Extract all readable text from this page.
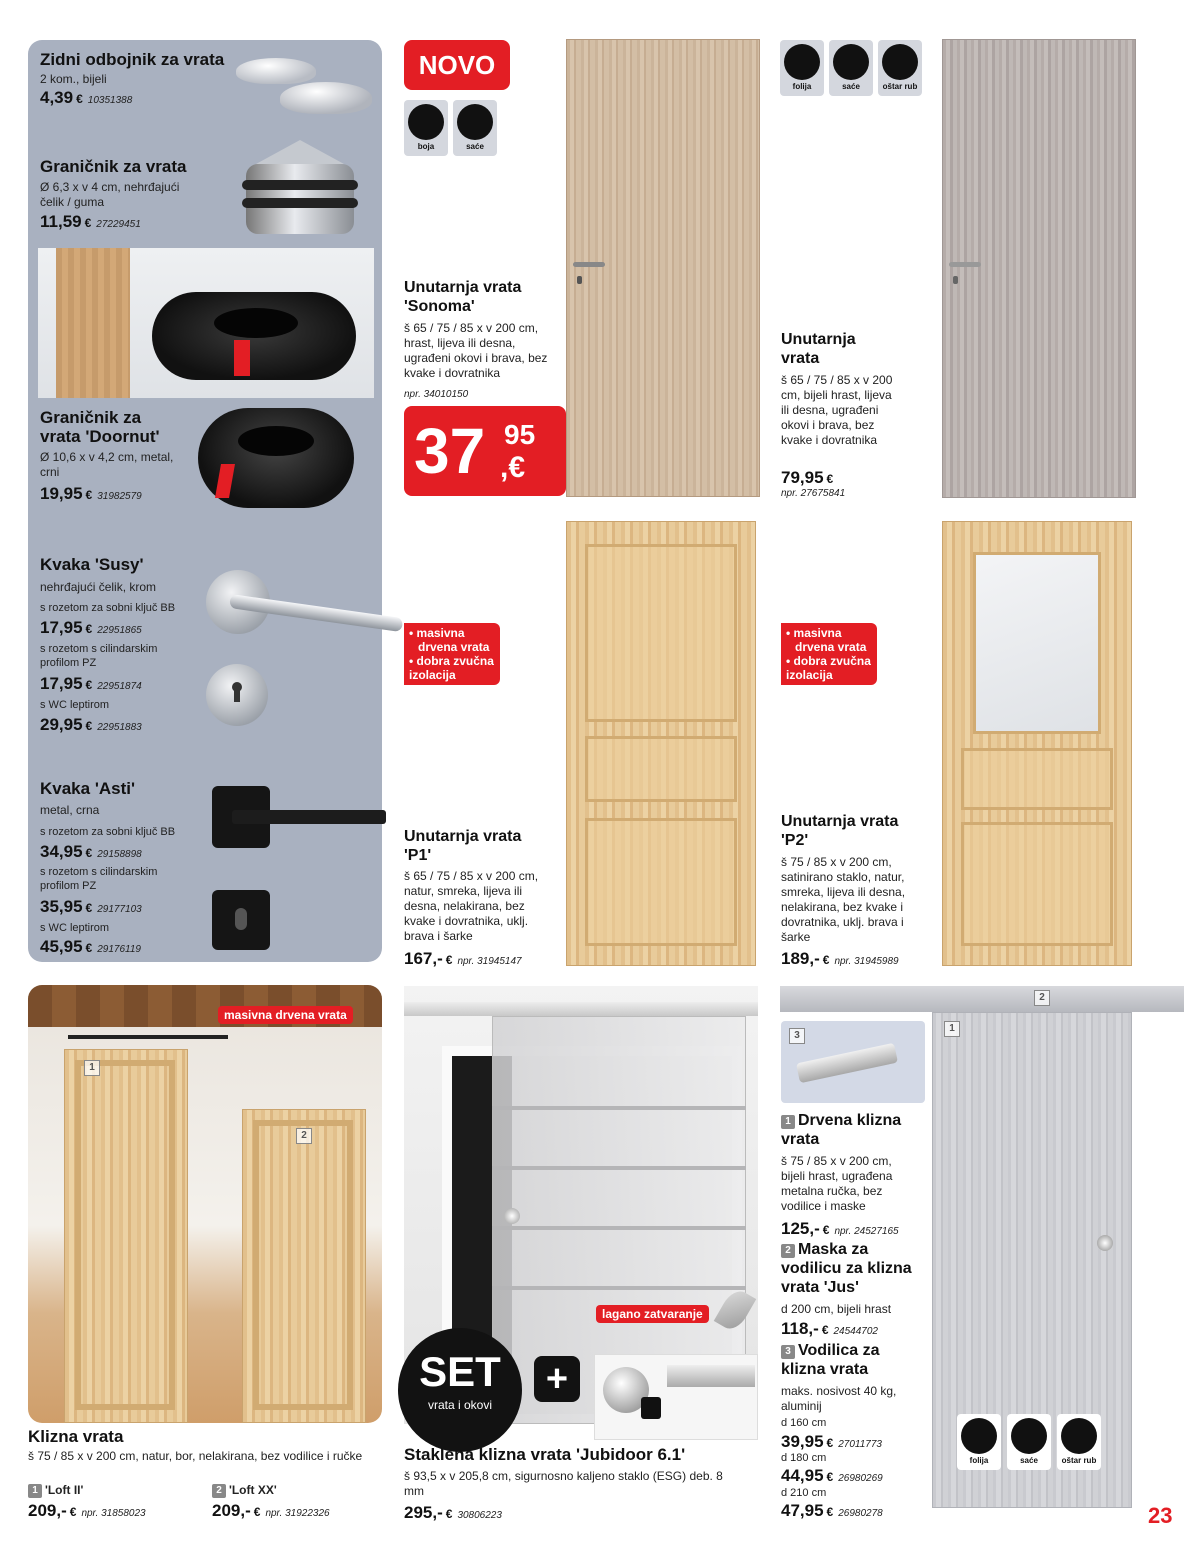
Zidni odbojnik za vrata
2 kom., bijeli
4,39 € 10351388
Graničnik za vrata
Ø 6,3 x v 4 cm, nehrđajući čelik / guma
11,59 € 27229451
Graničnik za
vrata 'Doornut'
Ø 10,6 x v 4,2 cm, metal, crni
19,95 € 31982579
Kvaka 'Susy'
nehrđajući čelik, krom
s rozetom za sobni ključ BB
17,95 € 22951865
s rozetom s cilindarskim profilom PZ
17,95 € 22951874
s WC leptirom
29,95 € 22951883
Kvaka 'Asti'
metal, crna
s rozetom za sobni ključ BB
34,95 € 29158898
s rozetom s cilindarskim profilom PZ
35,95 € 29177103
s WC leptirom
45,95 € 29176119
NOVO
boja	saće
Unutarnja vrata
'Sonoma'
š 65 / 75 / 85 x v 200 cm, hrast, lijeva ili desna, ugrađeni okovi i brava, bez kvake i dovratnika
npr. 34010150
37 95
,€
folija	saće	oštar rub
Unutarnja
vrata
š 65 / 75 / 85 x v 200 cm, bijeli hrast, lijeva ili desna, ugrađeni okovi i brava, bez kvake i dovratnika
79,95 €
npr. 27675841
• masivna
drvena vrata
• dobra zvučna
izolacija
Unutarnja vrata
'P1'
š 65 / 75 / 85 x v 200 cm, natur, smreka, lijeva ili desna, nelakirana, bez kvake i dovratnika, uklj. brava i šarke
167,- € npr. 31945147
• masivna
drvena vrata
• dobra zvučna
izolacija
Unutarnja vrata
'P2'
š 75 / 85 x v 200 cm, satinirano staklo, natur, smreka, lijeva ili desna, nelakirana, bez kvake i dovratnika, uklj. brava i šarke
189,- € npr. 31945989
masivna drvena vrata
1
2
Klizna vrata
š 75 / 85 x v 200 cm, natur, bor, nelakirana, bez vodilice i ručke
1 'Loft II'
209,- € npr. 31858023
2 'Loft XX'
209,- € npr. 31922326
lagano zatvaranje
SET
vrata i okovi
+
Staklena klizna vrata 'Jubidoor 6.1'
š 93,5 x v 205,8 cm, sigurnosno kaljeno staklo (ESG) deb. 8 mm
295,- € 30806223
2
1
3
1 Drvena klizna
vrata
š 75 / 85 x v 200 cm, bijeli hrast, ugrađena metalna ručka, bez vodilice i maske
125,- € npr. 24527165
2 Maska za
vodilicu za klizna
vrata 'Jus'
d 200 cm, bijeli hrast
118,- € 24544702
3 Vodilica za
klizna vrata
maks. nosivost 40 kg, aluminij
d 160 cm
39,95 € 27011773
d 180 cm
44,95 € 26980269
d 210 cm
47,95 € 26980278
folija	saće	oštar rub
23
